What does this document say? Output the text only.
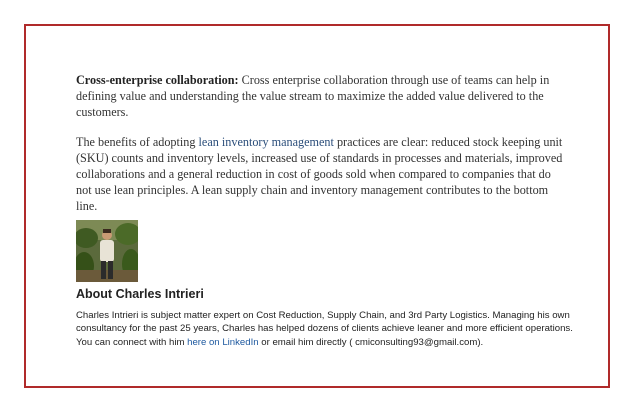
Cross-enterprise collaboration: Cross enterprise collaboration through use of teams can help in defining value and understanding the value stream to maximize the added value delivered to the customers.

The benefits of adopting lean inventory management practices are clear: reduced stock keeping unit (SKU) counts and inventory levels, increased use of standards in processes and materials, improved collaborations and a general reduction in cost of goods sold when compared to companies that do not use lean principles. A lean supply chain and inventory management contributes to the bottom line.

About Charles Intrieri

Charles Intrieri is subject matter expert on Cost Reduction, Supply Chain, and 3rd Party Logistics. Managing his own consultancy for the past 25 years, Charles has helped dozens of clients achieve leaner and more efficient operations. You can connect with him here on LinkedIn or email him directly ( cmiconsulting93@gmail.com).
